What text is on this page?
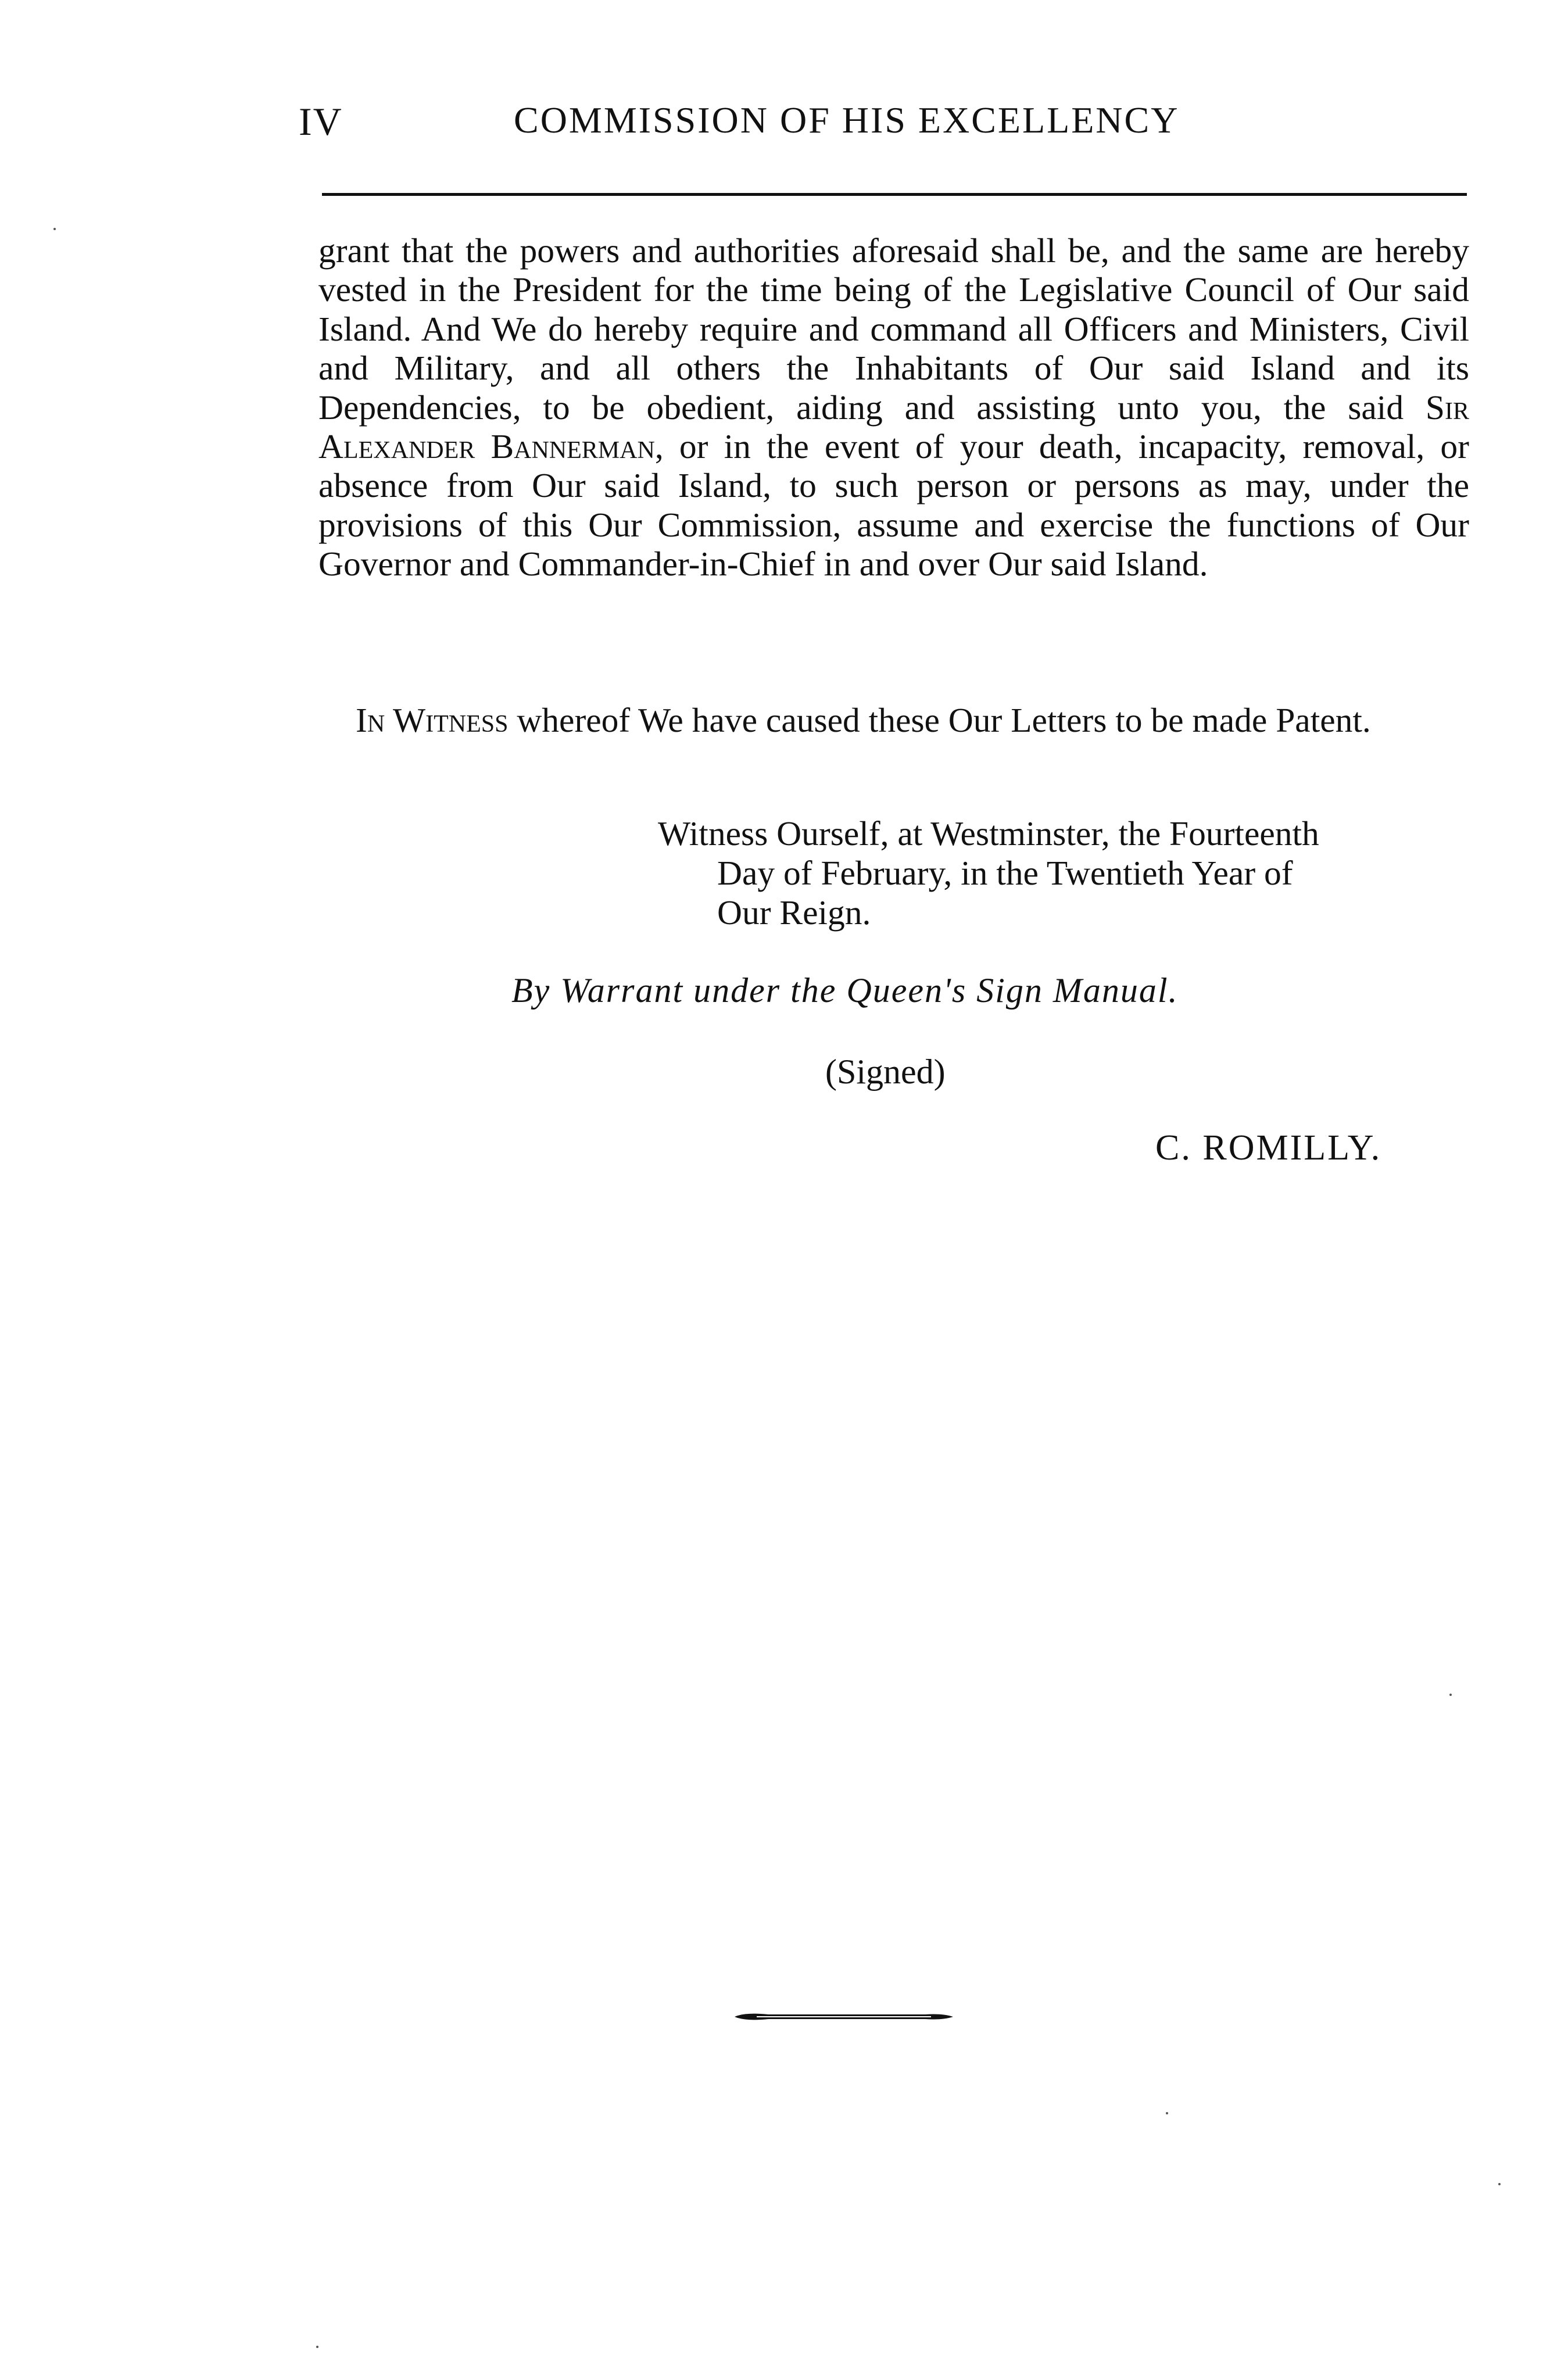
IV	COMMISSION OF HIS EXCELLENCY

grant that the powers and authorities aforesaid shall be, and the same are hereby vested in the President for the time being of the Legislative Council of Our said Island. And We do hereby require and command all Officers and Ministers, Civil and Military, and all others the Inhabitants of Our said Island and its Dependencies, to be obedient, aiding and assisting unto you, the said Sir Alexander Bannerman, or in the event of your death, incapacity, removal, or absence from Our said Island, to such person or persons as may, under the provisions of this Our Commission, assume and exercise the functions of Our Governor and Commander-in-Chief in and over Our said Island.

In Witness whereof We have caused these Our Letters to be made Patent.
Witness Ourself, at Westminster, the Fourteenth
Day of February, in the Twentieth Year of
Our Reign.
By Warrant under the Queen's Sign Manual.
(Signed)
C. ROMILLY.
